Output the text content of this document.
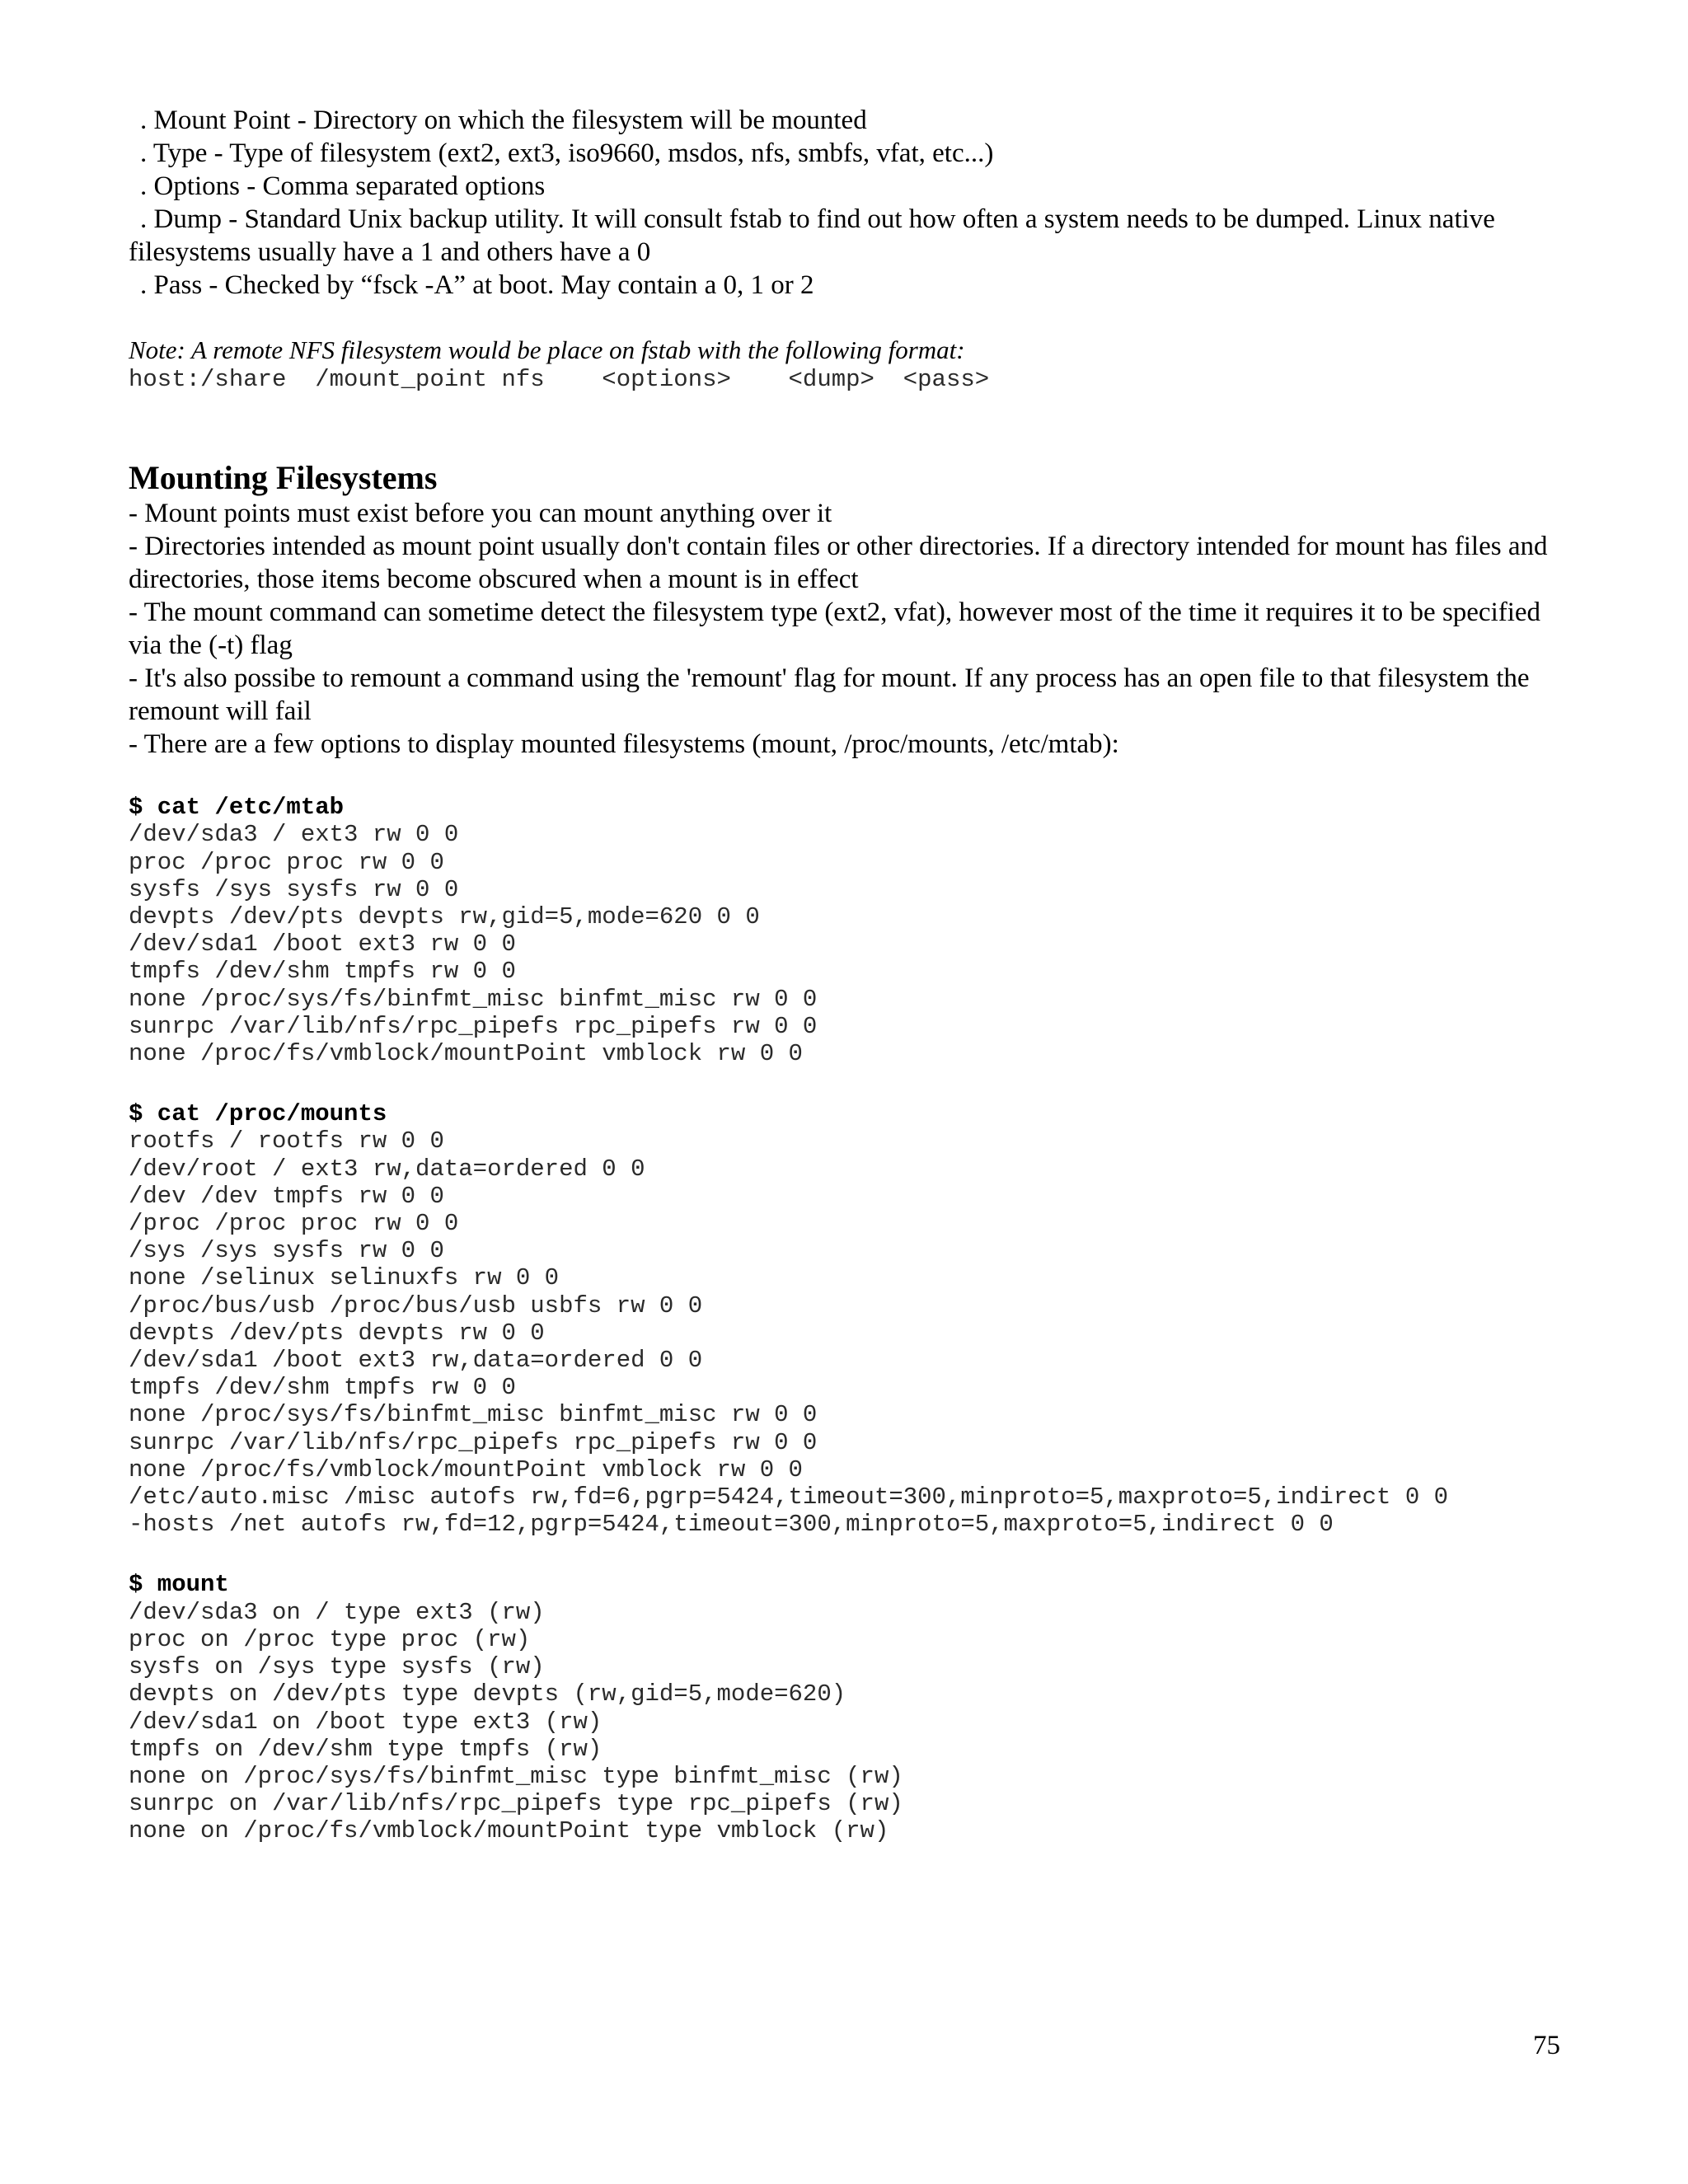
. Mount Point - Directory on which the filesystem will be mounted

. Type - Type of filesystem (ext2, ext3, iso9660, msdos, nfs, smbfs, vfat, etc...)

. Options - Comma separated options

. Dump - Standard Unix backup utility. It will consult fstab to find out how often a system needs to be dumped. Linux native filesystems usually have a 1 and others have a 0

. Pass - Checked by “fsck -A” at boot. May contain a 0, 1 or 2

Note: A remote NFS filesystem would be place on fstab with the following format:
host:/share  /mount_point nfs    <options>    <dump>  <pass>
Mounting Filesystems

- Mount points must exist before you can mount anything over it

- Directories intended as mount point usually don't contain files or other directories. If a directory intended for mount has files and directories, those items become obscured when a mount is in effect

- The mount command can sometime detect the filesystem type (ext2, vfat), however most of the time it requires it to be specified via the (-t) flag

- It's also possibe to remount a command using the 'remount' flag for mount. If any process has an open file to that filesystem the remount will fail

- There are a few options to display mounted filesystems (mount, /proc/mounts, /etc/mtab):

$ cat /etc/mtab
/dev/sda3 / ext3 rw 0 0
proc /proc proc rw 0 0
sysfs /sys sysfs rw 0 0
devpts /dev/pts devpts rw,gid=5,mode=620 0 0
/dev/sda1 /boot ext3 rw 0 0
tmpfs /dev/shm tmpfs rw 0 0
none /proc/sys/fs/binfmt_misc binfmt_misc rw 0 0
sunrpc /var/lib/nfs/rpc_pipefs rpc_pipefs rw 0 0
none /proc/fs/vmblock/mountPoint vmblock rw 0 0
$ cat /proc/mounts
rootfs / rootfs rw 0 0
/dev/root / ext3 rw,data=ordered 0 0
/dev /dev tmpfs rw 0 0
/proc /proc proc rw 0 0
/sys /sys sysfs rw 0 0
none /selinux selinuxfs rw 0 0
/proc/bus/usb /proc/bus/usb usbfs rw 0 0
devpts /dev/pts devpts rw 0 0
/dev/sda1 /boot ext3 rw,data=ordered 0 0
tmpfs /dev/shm tmpfs rw 0 0
none /proc/sys/fs/binfmt_misc binfmt_misc rw 0 0
sunrpc /var/lib/nfs/rpc_pipefs rpc_pipefs rw 0 0
none /proc/fs/vmblock/mountPoint vmblock rw 0 0
/etc/auto.misc /misc autofs rw,fd=6,pgrp=5424,timeout=300,minproto=5,maxproto=5,indirect 0 0
-hosts /net autofs rw,fd=12,pgrp=5424,timeout=300,minproto=5,maxproto=5,indirect 0 0
$ mount
/dev/sda3 on / type ext3 (rw)
proc on /proc type proc (rw)
sysfs on /sys type sysfs (rw)
devpts on /dev/pts type devpts (rw,gid=5,mode=620)
/dev/sda1 on /boot type ext3 (rw)
tmpfs on /dev/shm type tmpfs (rw)
none on /proc/sys/fs/binfmt_misc type binfmt_misc (rw)
sunrpc on /var/lib/nfs/rpc_pipefs type rpc_pipefs (rw)
none on /proc/fs/vmblock/mountPoint type vmblock (rw)
75
